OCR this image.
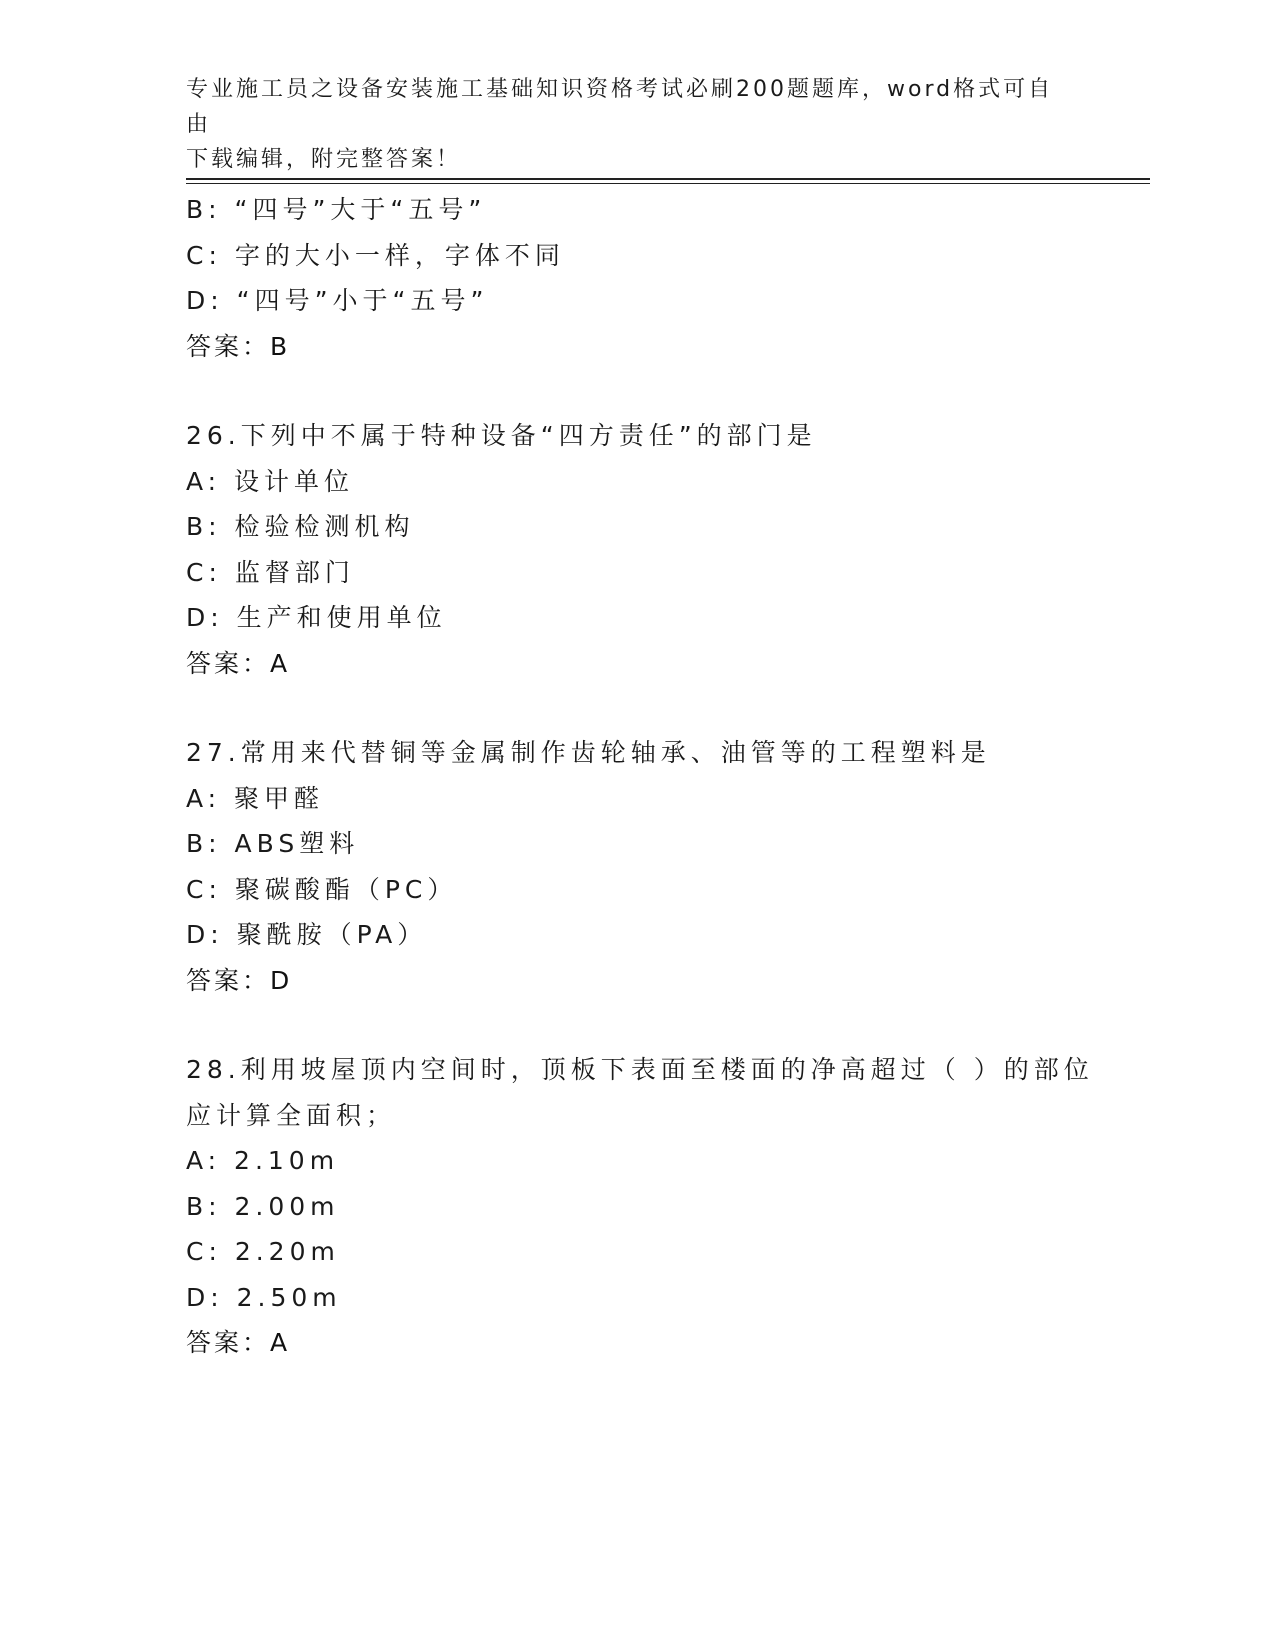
专业施工员之设备安装施工基础知识资格考试必刷200题题库，word格式可自由
下载编辑，附完整答案！
B: “四号”大于“五号”
C: 字的大小一样，字体不同
D: “四号”小于“五号”
答案：B
26.下列中不属于特种设备“四方责任”的部门是
A: 设计单位
B: 检验检测机构
C: 监督部门
D: 生产和使用单位
答案：A
27.常用来代替铜等金属制作齿轮轴承、油管等的工程塑料是
A: 聚甲醛
B: ABS塑料
C: 聚碳酸酯（PC）
D: 聚酰胺（PA）
答案：D
28.利用坡屋顶内空间时，顶板下表面至楼面的净高超过（ ）的部位
应计算全面积；
A: 2.10m
B: 2.00m
C: 2.20m
D: 2.50m
答案：A
